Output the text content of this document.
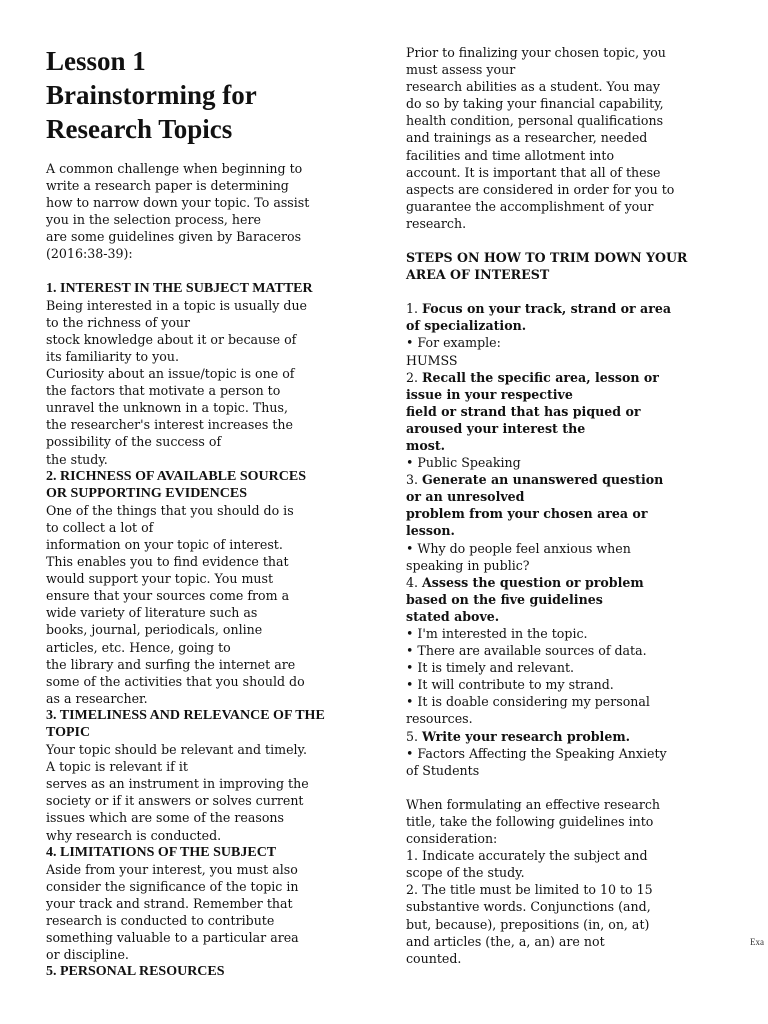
Lesson 1
Brainstorming for
Research Topics
A common challenge when beginning to
write a research paper is determining
how to narrow down your topic. To assist
you in the selection process, here
are some guidelines given by Baraceros
(2016:38-39):
1. INTEREST IN THE SUBJECT MATTER
Being interested in a topic is usually due
to the richness of your
stock knowledge about it or because of
its familiarity to you.
Curiosity about an issue/topic is one of
the factors that motivate a person to
unravel the unknown in a topic. Thus,
the researcher's interest increases the
possibility of the success of
the study.
2. RICHNESS OF AVAILABLE SOURCES
OR SUPPORTING EVIDENCES
One of the things that you should do is
to collect a lot of
information on your topic of interest.
This enables you to find evidence that
would support your topic. You must
ensure that your sources come from a
wide variety of literature such as
books, journal, periodicals, online
articles, etc. Hence, going to
the library and surfing the internet are
some of the activities that you should do
as a researcher.
3. TIMELINESS AND RELEVANCE OF THE
TOPIC
Your topic should be relevant and timely.
A topic is relevant if it
serves as an instrument in improving the
society or if it answers or solves current
issues which are some of the reasons
why research is conducted.
4. LIMITATIONS OF THE SUBJECT
Aside from your interest, you must also
consider the significance of the topic in
your track and strand. Remember that
research is conducted to contribute
something valuable to a particular area
or discipline.
5. PERSONAL RESOURCES
Prior to finalizing your chosen topic, you
must assess your
research abilities as a student. You may
do so by taking your financial capability,
health condition, personal qualifications
and trainings as a researcher, needed
facilities and time allotment into
account. It is important that all of these
aspects are considered in order for you to
guarantee the accomplishment of your
research.
STEPS ON HOW TO TRIM DOWN YOUR
AREA OF INTEREST
1. Focus on your track, strand or area
of specialization.
• For example:
HUMSS
2. Recall the specific area, lesson or
issue in your respective
field or strand that has piqued or
aroused your interest the
most.
• Public Speaking
3. Generate an unanswered question
or an unresolved
problem from your chosen area or
lesson.
• Why do people feel anxious when
speaking in public?
4. Assess the question or problem
based on the five guidelines
stated above.
• I'm interested in the topic.
• There are available sources of data.
• It is timely and relevant.
• It will contribute to my strand.
• It is doable considering my personal
resources.
5. Write your research problem.
• Factors Affecting the Speaking Anxiety
of Students
When formulating an effective research
title, take the following guidelines into
consideration:
1. Indicate accurately the subject and
scope of the study.
2. The title must be limited to 10 to 15
substantive words. Conjunctions (and,
but, because), prepositions (in, on, at)
and articles (the, a, an) are not
counted.
Exa
